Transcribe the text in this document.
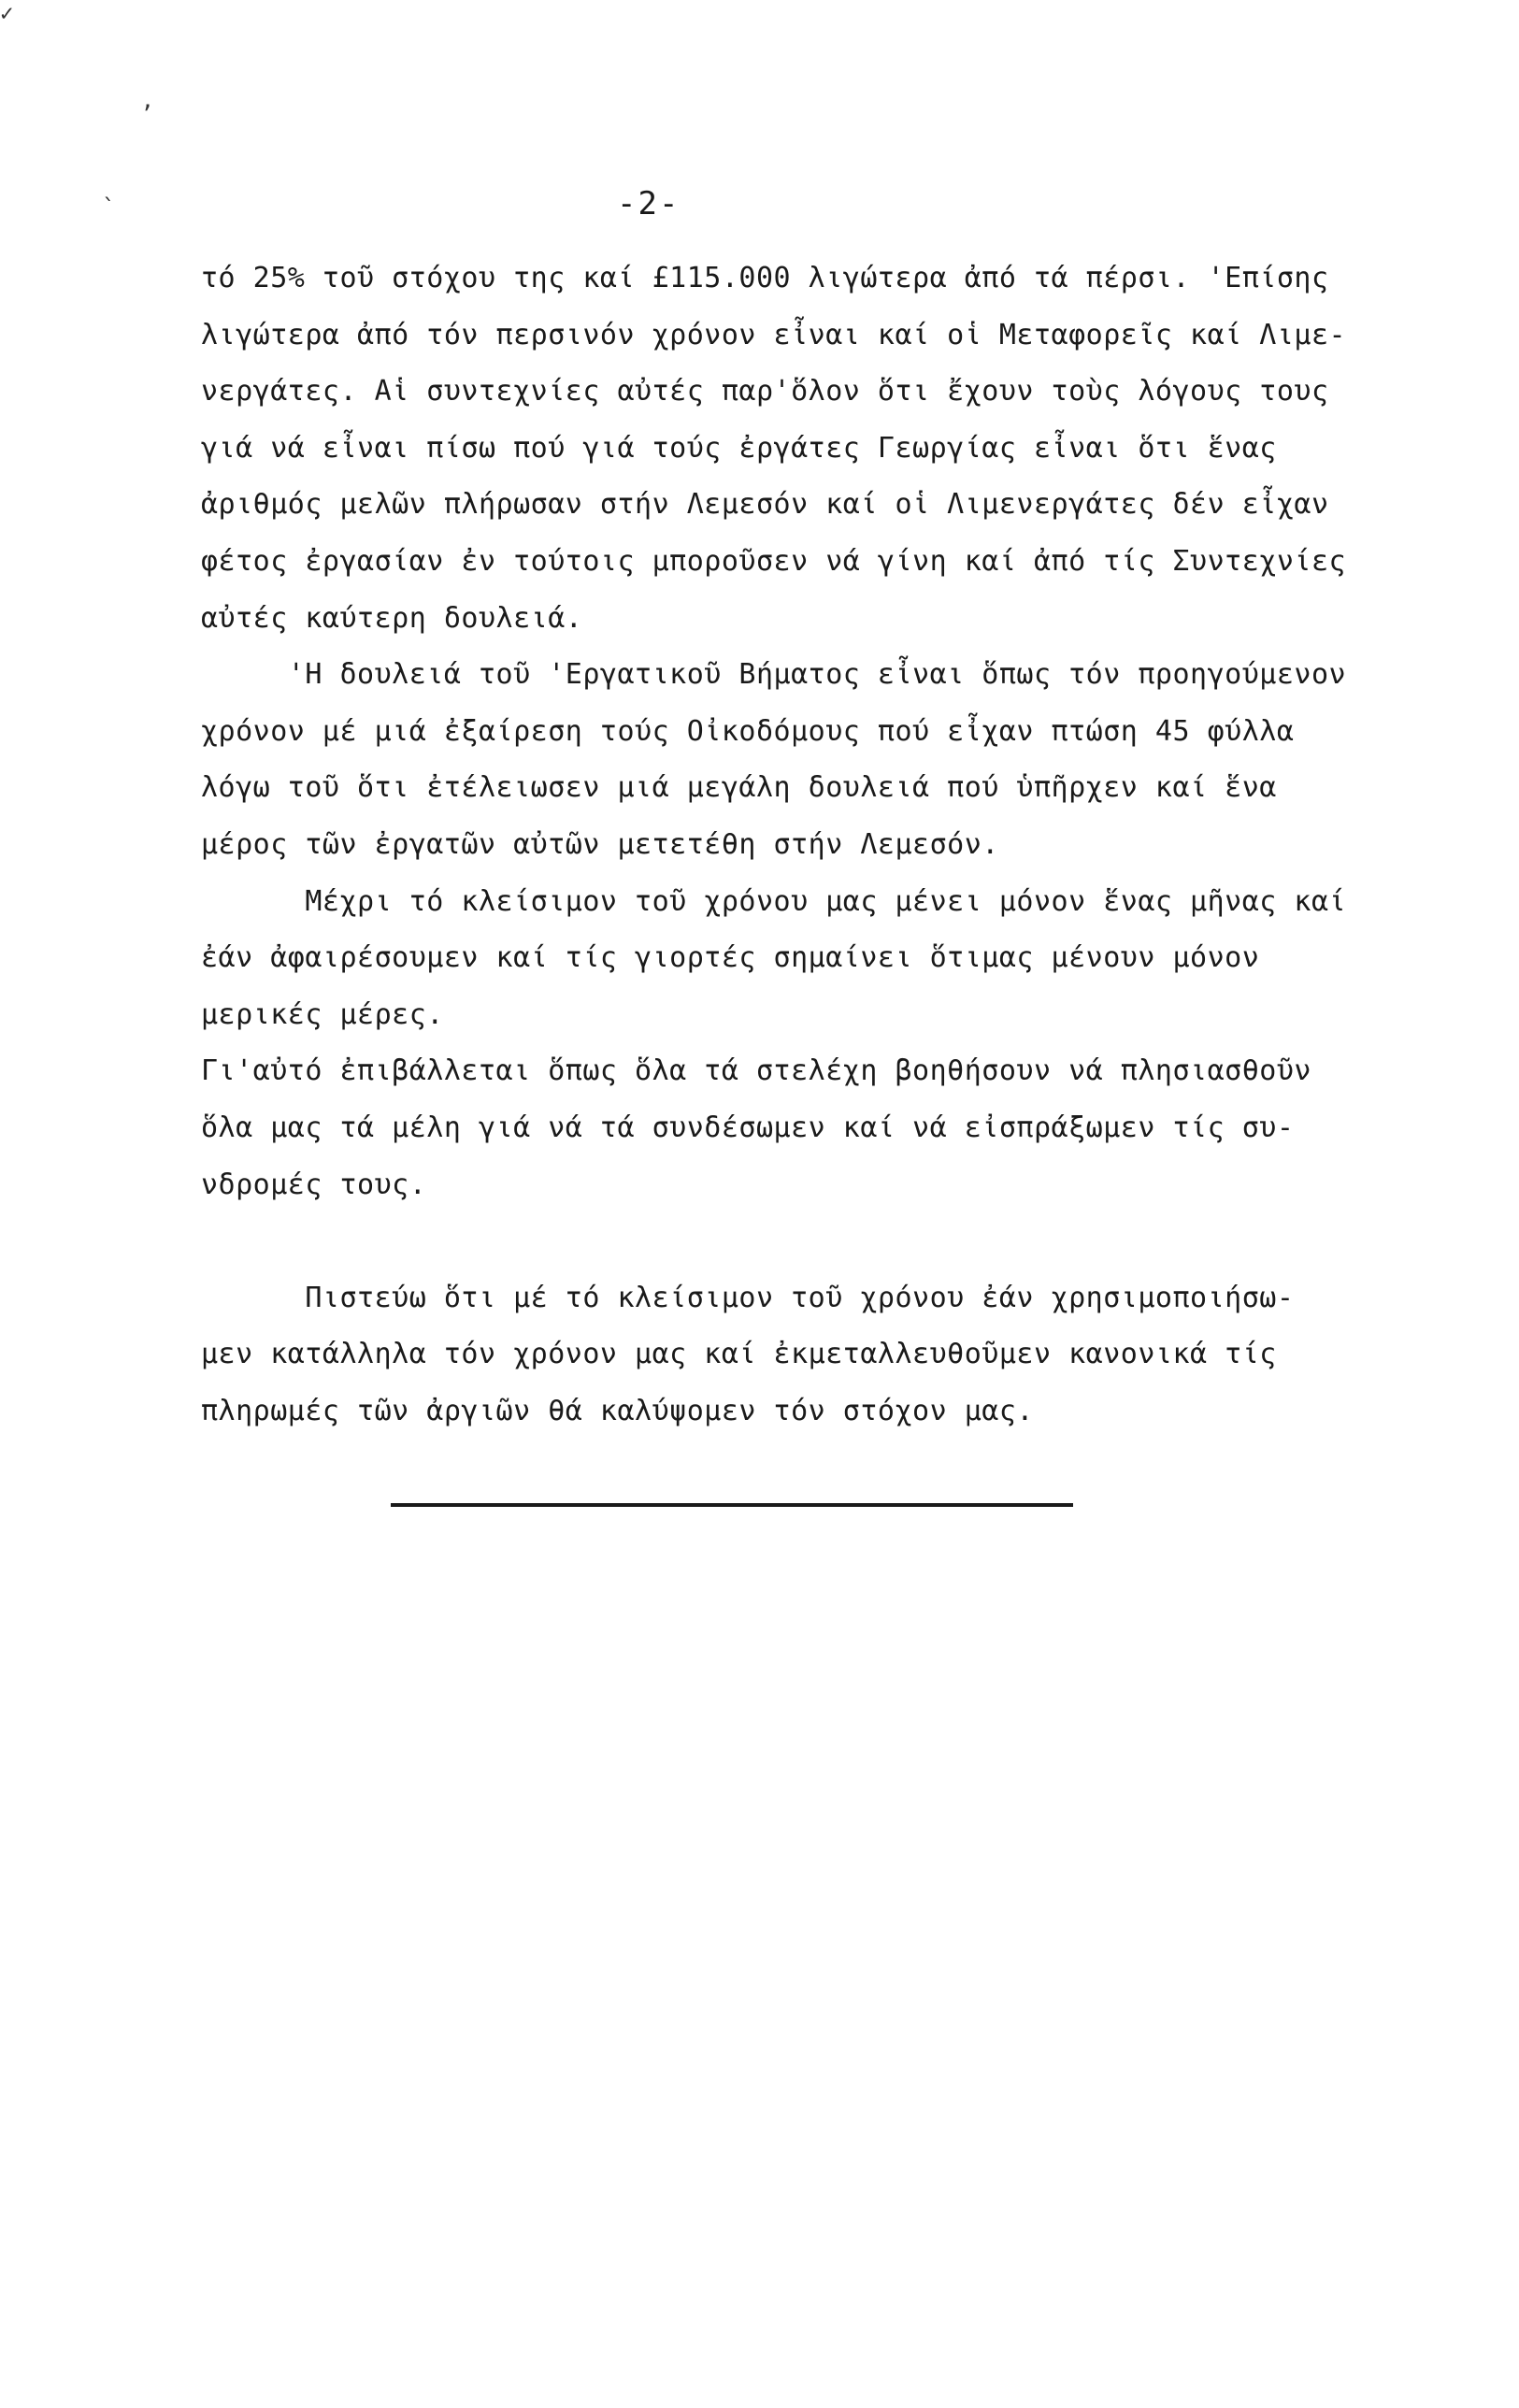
✓
’
ˎ	-2-
τό 25% τοῦ στόχου της καί £115.000 λιγώτερα ἀπό τά πέρσι. 'Επίσης
λιγώτερα ἀπό τόν περσινόν χρόνον εἶναι καί οἱ Μεταφορεῖς καί Λιμε-
νεργάτες. Αἱ συντεχνίες αὐτές παρ'ὅλον ὅτι ἔχουν τοὺς λόγους τους
γιά νά εἶναι πίσω πού γιά τούς ἐργάτες Γεωργίας εἶναι ὅτι ἕνας
ἀριθμός μελῶν πλήρωσαν στήν Λεμεσόν καί οἱ Λιμενεργάτες δέν εἶχαν
φέτος ἐργασίαν ἐν τούτοις μποροῦσεν νά γίνη καί ἀπό τίς Συντεχνίες
αὐτές καύτερη δουλειά.
'Η δουλειά τοῦ 'Εργατικοῦ Βήματος εἶναι ὅπως τόν προηγούμενον
χρόνον μέ μιά ἐξαίρεση τούς Οἰκοδόμους πού εἶχαν πτώση 45 φύλλα
λόγω τοῦ ὅτι ἐτέλειωσεν μιά μεγάλη δουλειά πού ὑπῆρχεν καί ἕνα
μέρος τῶν ἐργατῶν αὐτῶν μετετέθη στήν Λεμεσόν.
Μέχρι τό κλείσιμον τοῦ χρόνου μας μένει μόνον ἕνας μῆνας καί
ἐάν ἀφαιρέσουμεν καί τίς γιορτές σημαίνει ὅτιμας μένουν μόνον
μερικές μέρες.
Γι'αὐτό ἐπιβάλλεται ὅπως ὅλα τά στελέχη βοηθήσουν νά πλησιασθοῦν
ὅλα μας τά μέλη γιά νά τά συνδέσωμεν καί νά εἰσπράξωμεν τίς συ-
νδρομές τους.
Πιστεύω ὅτι μέ τό κλείσιμον τοῦ χρόνου ἐάν χρησιμοποιήσω-
μεν κατάλληλα τόν χρόνον μας καί ἐκμεταλλευθοῦμεν κανονικά τίς
πληρωμές τῶν ἀργιῶν θά καλύψομεν τόν στόχον μας.
